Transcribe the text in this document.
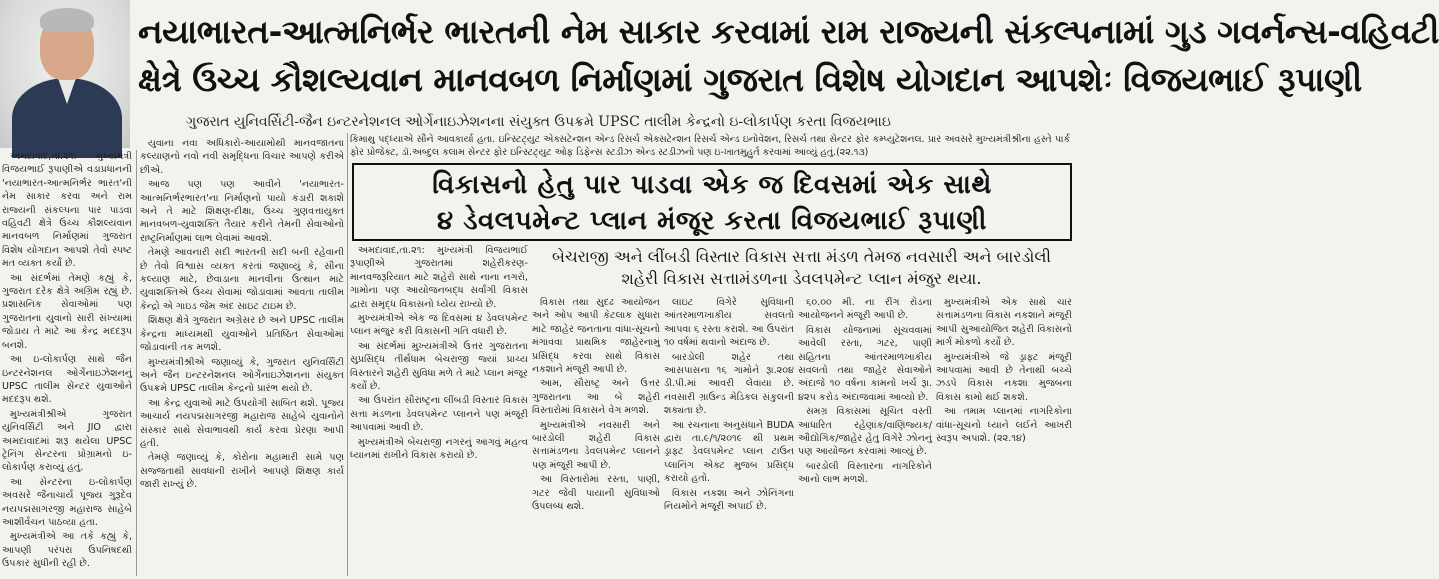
નયાભારત-આત્મનિર્ભર ભારતની નેમ સાકાર કરવામાં રામ રાજ્યની સંકલ્પનામાં ગુડ ગવર્નન્સ-વહિવટી
ક્ષેત્રે ઉચ્ચ કૌશલ્યવાન માનવબળ નિર્માણમાં ગુજરાત વિશેષ યોગદાન આપશેઃ વિજયભાઈ રૂપાણી
ગુજરાત યુનિવર્સિટી-જૈન ઇન્ટરનેશનલ ઓર્ગેનાઇઝેશનના સંયુક્ત ઉપક્રમે UPSC તાલીમ કેન્દ્રનો ઇ-લોકાર્પણ કરતા વિજયભાઇ

અમદાવાદ,તા.૨૧: મુખ્યમંત્રી વિજયભાઈ રૂપાણીએ વડાપ્રધાનની 'નયાભારત-આત્મનિર્ભર ભારત'ની નેમ સાકાર કરવા અને રામ રાજ્યની સંકલ્પના પાર પાડવા વહિવટી ક્ષેત્રે ઉચ્ચ કૌશલ્યવાન માનવબળ નિર્માણમાં ગુજરાત વિશેષ યોગદાન આપશે તેવો સ્પષ્ટ મત વ્યક્ત કર્યો છે.

આ સંદર્ભમાં તેમણે કહ્યું કે, ગુજરાત દરેક ક્ષેત્રે અગ્રિમ રહ્યું છે. પ્રશાસનિક સેવાઓમાં પણ ગુજરાતના યુવાનો સારી સંખ્યામાં જોડાય તે માટે આ કેન્દ્ર મદદરૂપ બનશે.

આ ઇ-લોકાર્પણ સાથે જૈન ઇન્ટરનેશનલ ઓર્ગેનાઇઝેશનનું UPSC તાલીમ સેન્ટર યુવાઓને મદદરૂપ થશે.

મુખ્યમંત્રીશ્રીએ ગુજરાત યુનિવર્સિટી અને JIO દ્વારા અમદાવાદમાં શરૂ થયેલા UPSC ટ્રેનિંગ સેન્ટરના પ્રોગ્રામનો ઇ-લોકાર્પણ કરાવ્યું હતું.

આ સેન્ટરના ઇ-લોકાર્પણ અવસરે જૈનાચાર્ય પૂજ્ય ગુરૂદેવ નયપદ્મસાગરજી મહારાજ સાહેબે આશીર્વચન પાઠવ્યા હતા.

મુખ્યમંત્રીએ આ તકે કહ્યું કે, આપણી પરંપરા ઉપનિષદથી ઉપકાર સુધીની રહી છે.

યુવાના નવા અધિકારો-આયામોથી માનવજાતના કલ્યાણનો નવો નવી સમૃદ્ધિના વિચાર આપણે કરીએ છીએ.

આજ પણ પણ આવીને 'નયાભારત-આત્મનિર્ભરભારત'ના નિર્માણનો પાયો કંડારી શકાશે અને તે માટે શિક્ષણ-દીક્ષા, ઉચ્ચ ગુણવત્તાયુક્ત માનવબળ-યુવાશક્તિ તૈયાર કરીને તેમની સેવાઓનો રાષ્ટ્રનિર્માણમાં લાભ લેવામાં આવશે.

તેમણે આવનારી સદી ભારતની સદી બની રહેવાની છે તેવો વિશ્વાસ વ્યક્ત કરતાં જણાવ્યું કે, સૌના કલ્યાણ માટે, છેવાડાના માનવીના ઉત્થાન માટે યુવાશક્તિએ ઉચ્ચ સેવામાં જોડાવામાં આવતા તાલીમ કેન્દ્રો એ ગાઇડ જેમ અંદ સાઇટ ટાઇમ છે.

શિક્ષણ ક્ષેત્રે ગુજરાત અગ્રેસર છે અને UPSC તાલીમ કેન્દ્રના માધ્યમથી યુવાઓને પ્રતિષ્ઠિત સેવાઓમાં જોડાવાની તક મળશે.

મુખ્યમંત્રીશ્રીએ જણાવ્યું કે, ગુજરાત યુનિવર્સિટી અને જૈન ઇન્ટરનેશનલ ઓર્ગેનાઇઝેશનના સંયુક્ત ઉપક્રમે UPSC તાલીમ કેન્દ્રનો પ્રારંભ થયો છે.

આ કેન્દ્ર યુવાઓ માટે ઉપયોગી સાબિત થશે. પૂજ્ય આચાર્ય નયપદ્મસાગરજી મહારાજ સાહેબે યુવાનોને સંસ્કાર સાથે સેવાભાવથી કાર્ય કરવા પ્રેરણા આપી હતી.

તેમણે જણાવ્યું કે, કોરોના મહામારી સામે પણ સજ્જતાથી સાવધાની રાખીને આપણે શિક્ષણ કાર્ય જારી રાખ્યું છે.

કિમાથુ પદ્ધ્યાએ સૌને આવકાર્યા હતા. ઇન્સ્ટિટ્યુટ એક્સટેન્શન એન્ડ રિસર્ચ એક્સટેન્શન રિસર્ચ એન્ડ ઇનોવેશન, રિસર્ચ તથા સેન્ટર ફોર કમ્પ્યુટેશનલ. પ્રાર અવસરે મુખ્યમંત્રીશ્રીના હસ્તે પાર્ક ફોર પ્રોજેક્ટ, ડૉ.અબ્દુલ કલામ સેન્ટર ફોર ઇન્સ્ટિટ્યુટ ઓફ ડિફેન્સ સ્ટડીઝ એન્ડ સ્ટડીઝનો પણ ઇ-ખાતમુહુર્ત કરવામાં આવ્યું હતું.(૨૨.૧૩)
વિકાસનો હેતુ પાર પાડવા એક જ દિવસમાં એક સાથે
૪ ડેવલપમેન્ટ પ્લાન મંજૂર કરતા વિજયભાઈ રૂપાણી

અમદાવાદ,તા.૨૧: મુખ્યમંત્રી વિજયભાઈ રૂપાણીએ ગુજરાતમાં શહેરીકરણ-માનવજરૂરિયાત માટે શહેરો સાથે નાના નગરો, ગામોના પણ આયોજનબદ્ધ સર્વાંગી વિકાસ દ્વારા સમૃદ્ધ વિકાસનો ધ્યેય રાખ્યો છે.

મુખ્યમંત્રીએ એક જ દિવસમાં ૪ ડેવલપમેન્ટ પ્લાન મંજુર કરી વિકાસની ગતિ વધારી છે.

આ સંદર્ભમાં મુખ્યમંત્રીએ ઉત્તર ગુજરાતના સુપ્રસિદ્ધ તીર્થધામ બેચરાજી જ્યાં પ્રાચ્ય વિસ્તારને શહેરી સુવિધા મળે તે માટે પ્લાન મંજૂર કર્યો છે.

આ ઉપરાંત સૌરાષ્ટ્રના લીંબડી વિસ્તાર વિકાસ સત્તા મંડળના ડેવલપમેન્ટ પ્લાનને પણ મંજૂરી આપવામાં આવી છે.

મુખ્યમંત્રીએ બેચરાજી નગરનું આગવું મહત્વ ધ્યાનમાં રાખીને વિકાસ કરાયો છે.

બેચરાજી અને લીંબડી વિસ્તાર વિકાસ સત્તા મંડળ તેમજ નવસારી અને બારડોલી શહેરી વિકાસ સત્તામંડળના ડેવલપમેન્ટ પ્લાન મંજુર થયા.

વિકાસ તથા સુદઢ આયોજન અને ઓપ આપી કેટલાક સુધારા માટે જાહેર જનતાના વાંધા-સૂચનો મંગાવવા પ્રાથમિક જાહેરનામું પ્રસિદ્ધ કરવા સાથે વિકાસ નકશાને મંજૂરી આપી છે.

આમ, સૌરાષ્ટ્ર અને ઉત્તર ગુજરાતના આ બે શહેરી વિસ્તારોમાં વિકાસને વેગ મળશે.

મુખ્યમંત્રીએ નવસારી અને બારડોલી શહેરી વિકાસ સત્તામંડળના ડેવલપમેન્ટ પ્લાનને પણ મંજૂરી આપી છે.

આ વિસ્તારોમાં રસ્તા, પાણી, ગટર જેવી પાયાની સુવિધાઓ ઉપલબ્ધ થશે.

લાઇટ વિગેરે સુવિધાની આંતરમાળખાકીય સવલતો આપવા ૬ રસ્તા કરાશે. આ ઉપરાંત ૧૦ વર્ષમાં થવાનો અંદાજ છે.

બારડોલી શહેર તથા આસપાસના ૧૬ ગામોને રૂા.૨૦૪ ડી.પી.માં આવરી લેવાયા છે. નવસારી ગ્રાઉન્ડ મેડિકલ સંકુલની શક્યતા છે.

આ રચનાના અનુસંધાને BUDA દ્વારા તા.૯/૧/૨૦૧૯ થી પ્રથમ ડ્રાફ્ટ ડેવલપમેન્ટ પ્લાન ટાઉન પ્લાનિંગ એક્ટ મુજબ પ્રસિદ્ધ કરાયો હતો.

વિકાસ નકશા અને ઝોનિંગના નિયમોને મંજૂરી અપાઈ છે.

૬૦.૦૦ મી. ના રીંગ રોડના આયોજનને મંજૂરી આપી છે.

વિકાસ યોજનામાં સૂચવવામાં આવેલી રસ્તા, ગટર, પાણી સહિતના આંતરમાળખાકીય સવલતો તથા જાહેર સેવાઓને અંદાજે ૧૦ વર્ષના કામનો ખર્ચ રૂા. ૪૨૫ કરોડ અંદાજવામાં આવ્યો છે.

સમગ્ર વિકાસમાં સૂચિત વસ્તી આધારિત રહેણાંક/વાણિજ્યક/ઔદ્યોગિક/જાહેર હેતુ વિગેરે ઝોનનું પણ આયોજન કરવામાં આવ્યું છે.

બારડોલી વિસ્તારના નાગરિકોને આનો લાભ મળશે.

મુખ્યમંત્રીએ એક સાથે ચાર સત્તામંડળના વિકાસ નકશાને મંજૂરી આપી સુઆયોજિત શહેરી વિકાસનો માર્ગ મોકળો કર્યો છે.

મુખ્યમંત્રીએ જે ડ્રાફ્ટ મંજૂરી આપવામાં આવી છે તેનાથી બચ્ચે ઝડપે વિકાસ નકશા મુજબના વિકાસ કામો થઈ શકશે.

આ તમામ પ્લાનમાં નાગરિકોના વાંધા-સૂચનો ધ્યાને લઈને આખરી સ્વરૂપ અપાશે. (૨૨.૧૪)
